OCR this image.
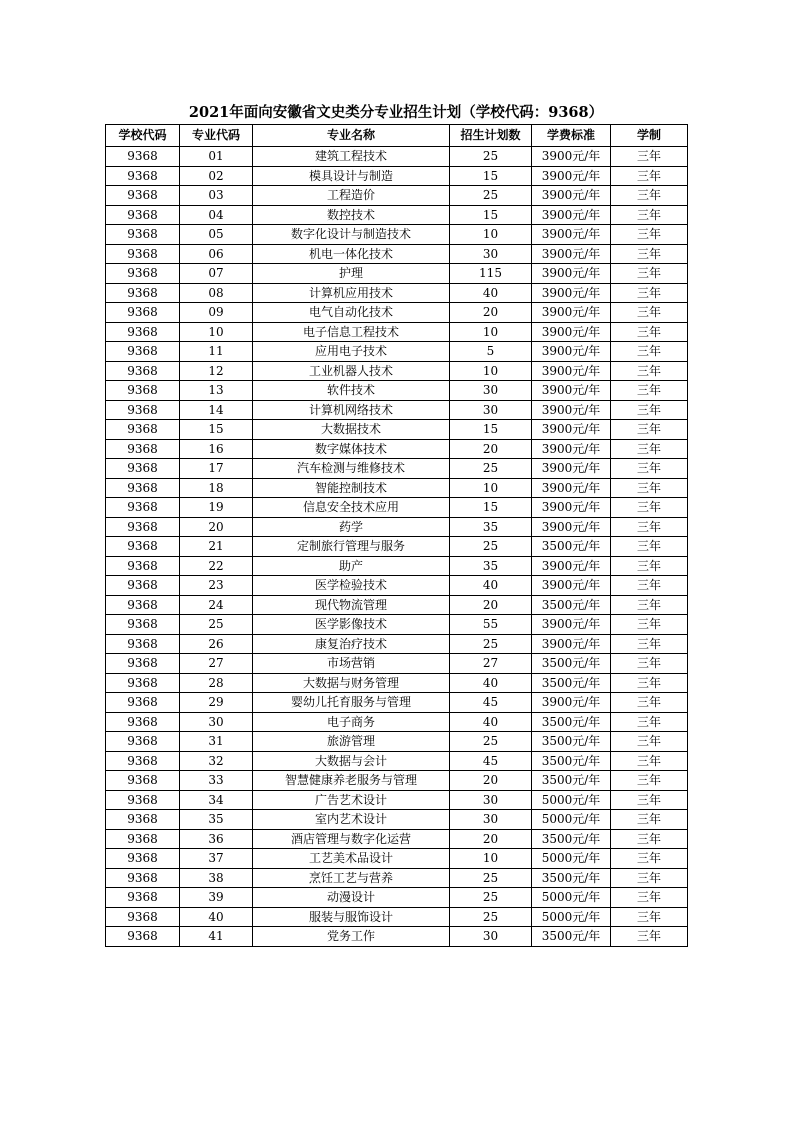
2021年面向安徽省文史类分专业招生计划（学校代码：9368）
学校代码	专业代码	专业名称	招生计划数	学费标准	学制
9368	01	建筑工程技术	25	3900元/年	三年
9368	02	模具设计与制造	15	3900元/年	三年
9368	03	工程造价	25	3900元/年	三年
9368	04	数控技术	15	3900元/年	三年
9368	05	数字化设计与制造技术	10	3900元/年	三年
9368	06	机电一体化技术	30	3900元/年	三年
9368	07	护理	115	3900元/年	三年
9368	08	计算机应用技术	40	3900元/年	三年
9368	09	电气自动化技术	20	3900元/年	三年
9368	10	电子信息工程技术	10	3900元/年	三年
9368	11	应用电子技术	5	3900元/年	三年
9368	12	工业机器人技术	10	3900元/年	三年
9368	13	软件技术	30	3900元/年	三年
9368	14	计算机网络技术	30	3900元/年	三年
9368	15	大数据技术	15	3900元/年	三年
9368	16	数字媒体技术	20	3900元/年	三年
9368	17	汽车检测与维修技术	25	3900元/年	三年
9368	18	智能控制技术	10	3900元/年	三年
9368	19	信息安全技术应用	15	3900元/年	三年
9368	20	药学	35	3900元/年	三年
9368	21	定制旅行管理与服务	25	3500元/年	三年
9368	22	助产	35	3900元/年	三年
9368	23	医学检验技术	40	3900元/年	三年
9368	24	现代物流管理	20	3500元/年	三年
9368	25	医学影像技术	55	3900元/年	三年
9368	26	康复治疗技术	25	3900元/年	三年
9368	27	市场营销	27	3500元/年	三年
9368	28	大数据与财务管理	40	3500元/年	三年
9368	29	婴幼儿托育服务与管理	45	3900元/年	三年
9368	30	电子商务	40	3500元/年	三年
9368	31	旅游管理	25	3500元/年	三年
9368	32	大数据与会计	45	3500元/年	三年
9368	33	智慧健康养老服务与管理	20	3500元/年	三年
9368	34	广告艺术设计	30	5000元/年	三年
9368	35	室内艺术设计	30	5000元/年	三年
9368	36	酒店管理与数字化运营	20	3500元/年	三年
9368	37	工艺美术品设计	10	5000元/年	三年
9368	38	烹饪工艺与营养	25	3500元/年	三年
9368	39	动漫设计	25	5000元/年	三年
9368	40	服装与服饰设计	25	5000元/年	三年
9368	41	党务工作	30	3500元/年	三年
